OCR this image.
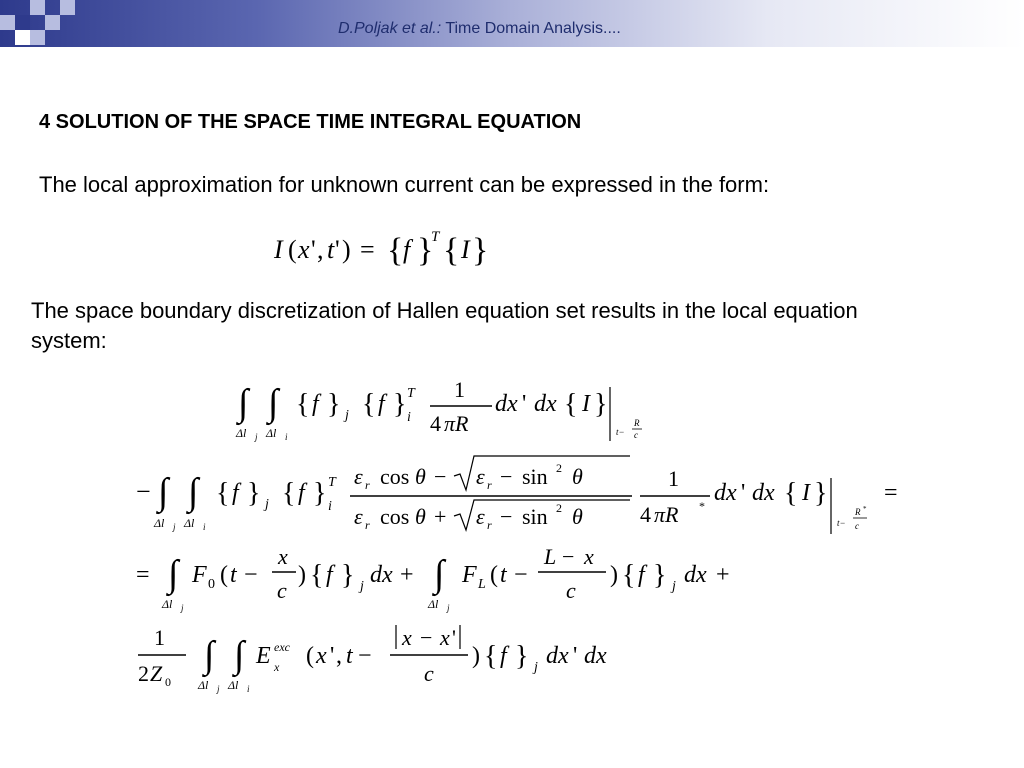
D.Poljak et al.: Time Domain Analysis....
4 SOLUTION OF THE SPACE TIME INTEGRAL EQUATION
The local approximation for unknown current can be expressed in the form:
I ( x ' , t ' ) = { f }
T { I }
The space boundary discretization of Hallen equation set results in the local equation system:
∫ ∫
Δl j Δl i
{ f } j { f } T
i
1
4 πR
dx ' dx { I }
t−
R
c
− ∫ ∫
Δl j Δl i
{ f } j { f } T
i
ε r cos θ − ε r − sin 2 θ
ε r cos θ + ε r − sin 2 θ
1
4 πR * dx ' dx { I }
t−
R *
c
=
= ∫
Δl j
F 0 ( t −
x
c
) { f } j dx + ∫
Δl j
F L ( t −
L − x
c
) { f } j dx +
1
2 Z 0
∫ ∫
Δl j Δl i
E exc
x ( x ' , t −
x − x '
c
) { f } j dx ' dx
